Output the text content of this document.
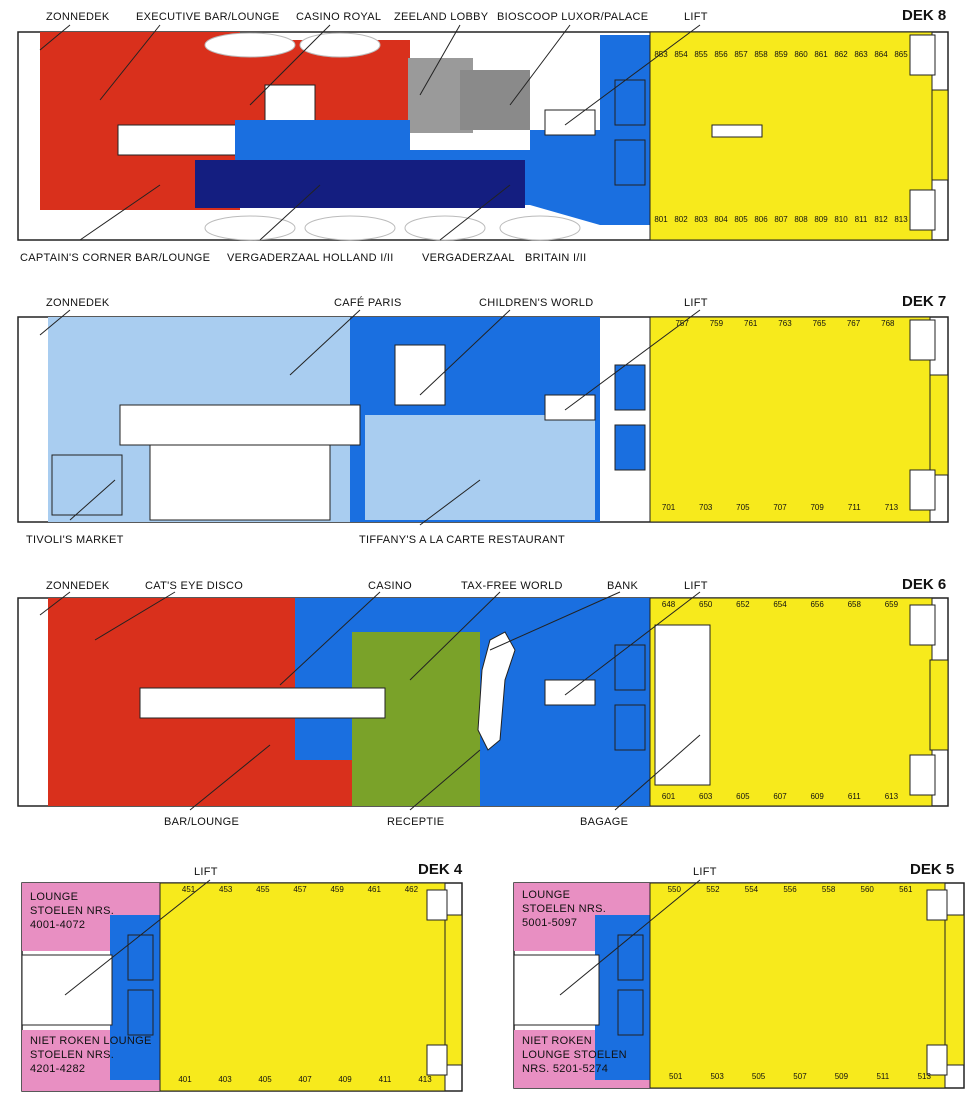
DEK 8
ZONNEDEK EXECUTIVE BAR/LOUNGE CASINO ROYAL ZEELAND LOBBY BIOSCOOP LUXOR/PALACE	LIFT
CAPTAIN'S CORNER BAR/LOUNGE VERGADERZAAL HOLLAND I/II	VERGADERZAAL BRITAIN I/II
853 854 855 856 857 858 859 860 861 862 863 864 865
801 802 803 804 805 806 807 808 809 810 811 812 813
DEK 7
ZONNEDEK	CAFÉ PARIS	CHILDREN'S WORLD	LIFT
TIVOLI'S MARKET	TIFFANY'S A LA CARTE RESTAURANT
757	759	761	763	765	767	768
701	703	705	707	709	711	713
DEK 6
ZONNEDEK	CAT'S EYE DISCO	CASINO	TAX-FREE WORLD	BANK	LIFT
BAR/LOUNGE	RECEPTIE	BAGAGE
648	650	652	654	656	658	659
601	603	605	607	609	611	613
DEK 4
LIFT
LOUNGE
STOELEN NRS.
4001-4072
NIET ROKEN LOUNGE
STOELEN NRS.
4201-4282
451	453	455	457	459	461	462
401	403	405	407	409	411	413
DEK 5
LIFT
LOUNGE
STOELEN NRS.
5001-5097
NIET ROKEN
LOUNGE STOELEN
NRS. 5201-5274
550	552	554	556	558	560	561
501	503	505	507	509	511	513
